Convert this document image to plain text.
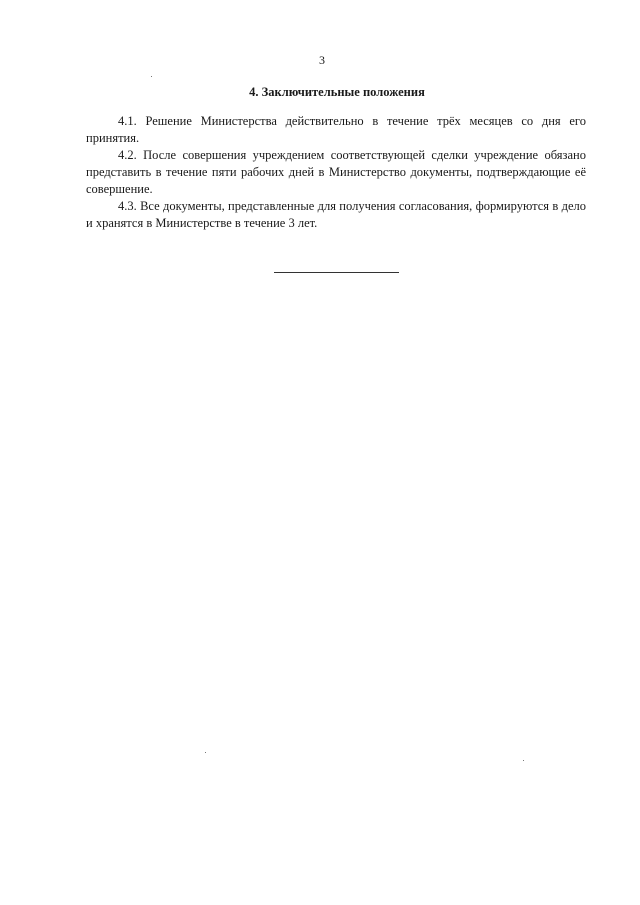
3
4. Заключительные положения

4.1. Решение Министерства действительно в течение трёх месяцев со дня его принятия.

4.2. После совершения учреждением соответствующей сделки учреждение обязано представить в течение пяти рабочих дней в Министерство документы, подтверждающие её совершение.

4.3. Все документы, представленные для получения согласования, формируются в дело и хранятся в Министерстве в течение 3 лет.
